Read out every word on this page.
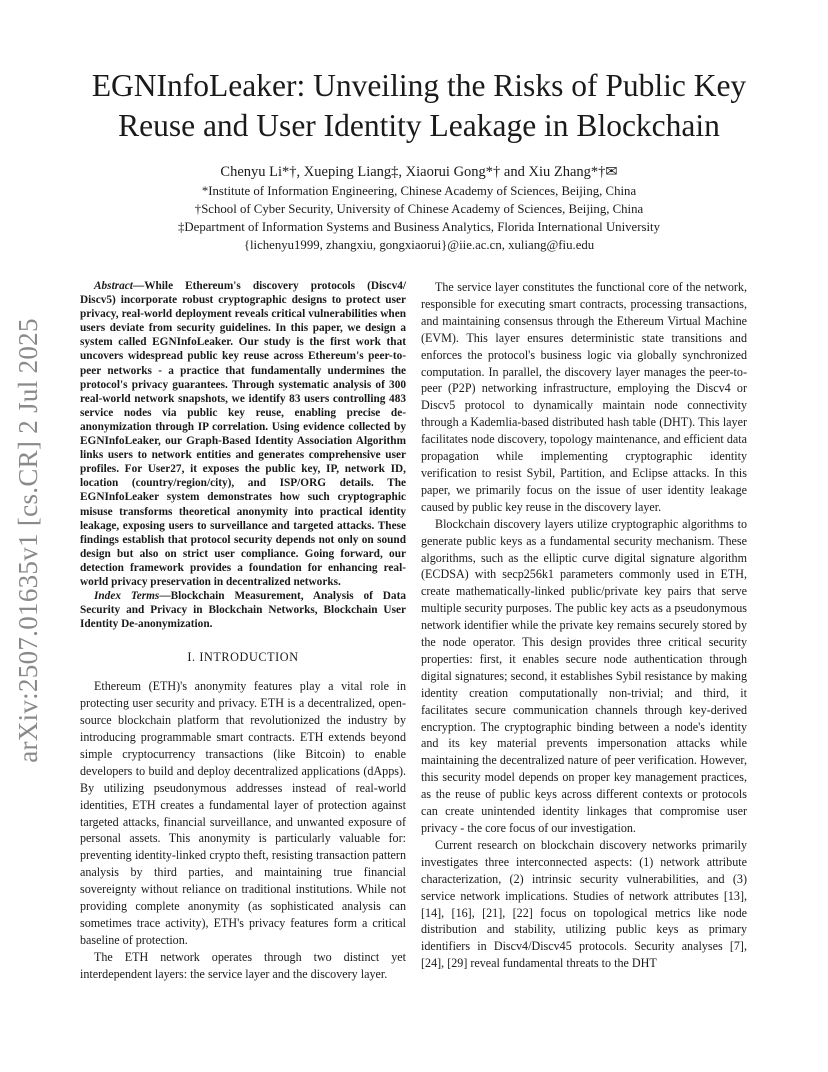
arXiv:2507.01635v1 [cs.CR] 2 Jul 2025
EGNInfoLeaker: Unveiling the Risks of Public Key Reuse and User Identity Leakage in Blockchain
Chenyu Li*†, Xueping Liang‡, Xiaorui Gong*† and Xiu Zhang*†✉
*Institute of Information Engineering, Chinese Academy of Sciences, Beijing, China
†School of Cyber Security, University of Chinese Academy of Sciences, Beijing, China
‡Department of Information Systems and Business Analytics, Florida International University
{lichenyu1999, zhangxiu, gongxiaorui}@iie.ac.cn, xuliang@fiu.edu

Abstract—While Ethereum's discovery protocols (Discv4/ Discv5) incorporate robust cryptographic designs to protect user privacy, real-world deployment reveals critical vulnerabilities when users deviate from security guidelines. In this paper, we design a system called EGNInfoLeaker. Our study is the first work that uncovers widespread public key reuse across Ethereum's peer-to-peer networks - a practice that fundamentally undermines the protocol's privacy guarantees. Through systematic analysis of 300 real-world network snapshots, we identify 83 users controlling 483 service nodes via public key reuse, enabling precise de-anonymization through IP correlation. Using evidence collected by EGNInfoLeaker, our Graph-Based Identity Association Algorithm links users to network entities and generates comprehensive user profiles. For User27, it exposes the public key, IP, network ID, location (country/region/city), and ISP/ORG details. The EGNInfoLeaker system demonstrates how such cryptographic misuse transforms theoretical anonymity into practical identity leakage, exposing users to surveillance and targeted attacks. These findings establish that protocol security depends not only on sound design but also on strict user compliance. Going forward, our detection framework provides a foundation for enhancing real-world privacy preservation in decentralized networks.

Index Terms—Blockchain Measurement, Analysis of Data Security and Privacy in Blockchain Networks, Blockchain User Identity De-anonymization.

I. INTRODUCTION

Ethereum (ETH)'s anonymity features play a vital role in protecting user security and privacy. ETH is a decentralized, open-source blockchain platform that revolutionized the industry by introducing programmable smart contracts. ETH extends beyond simple cryptocurrency transactions (like Bitcoin) to enable developers to build and deploy decentralized applications (dApps). By utilizing pseudonymous addresses instead of real-world identities, ETH creates a fundamental layer of protection against targeted attacks, financial surveillance, and unwanted exposure of personal assets. This anonymity is particularly valuable for: preventing identity-linked crypto theft, resisting transaction pattern analysis by third parties, and maintaining true financial sovereignty without reliance on traditional institutions. While not providing complete anonymity (as sophisticated analysis can sometimes trace activity), ETH's privacy features form a critical baseline of protection.

The ETH network operates through two distinct yet interdependent layers: the service layer and the discovery layer.

The service layer constitutes the functional core of the network, responsible for executing smart contracts, processing transactions, and maintaining consensus through the Ethereum Virtual Machine (EVM). This layer ensures deterministic state transitions and enforces the protocol's business logic via globally synchronized computation. In parallel, the discovery layer manages the peer-to-peer (P2P) networking infrastructure, employing the Discv4 or Discv5 protocol to dynamically maintain node connectivity through a Kademlia-based distributed hash table (DHT). This layer facilitates node discovery, topology maintenance, and efficient data propagation while implementing cryptographic identity verification to resist Sybil, Partition, and Eclipse attacks. In this paper, we primarily focus on the issue of user identity leakage caused by public key reuse in the discovery layer.

Blockchain discovery layers utilize cryptographic algorithms to generate public keys as a fundamental security mechanism. These algorithms, such as the elliptic curve digital signature algorithm (ECDSA) with secp256k1 parameters commonly used in ETH, create mathematically-linked public/private key pairs that serve multiple security purposes. The public key acts as a pseudonymous network identifier while the private key remains securely stored by the node operator. This design provides three critical security properties: first, it enables secure node authentication through digital signatures; second, it establishes Sybil resistance by making identity creation computationally non-trivial; and third, it facilitates secure communication channels through key-derived encryption. The cryptographic binding between a node's identity and its key material prevents impersonation attacks while maintaining the decentralized nature of peer verification. However, this security model depends on proper key management practices, as the reuse of public keys across different contexts or protocols can create unintended identity linkages that compromise user privacy - the core focus of our investigation.

Current research on blockchain discovery networks primarily investigates three interconnected aspects: (1) network attribute characterization, (2) intrinsic security vulnerabilities, and (3) service network implications. Studies of network attributes [13], [14], [16], [21], [22] focus on topological metrics like node distribution and stability, utilizing public keys as primary identifiers in Discv4/Discv45 protocols. Security analyses [7], [24], [29] reveal fundamental threats to the DHT
